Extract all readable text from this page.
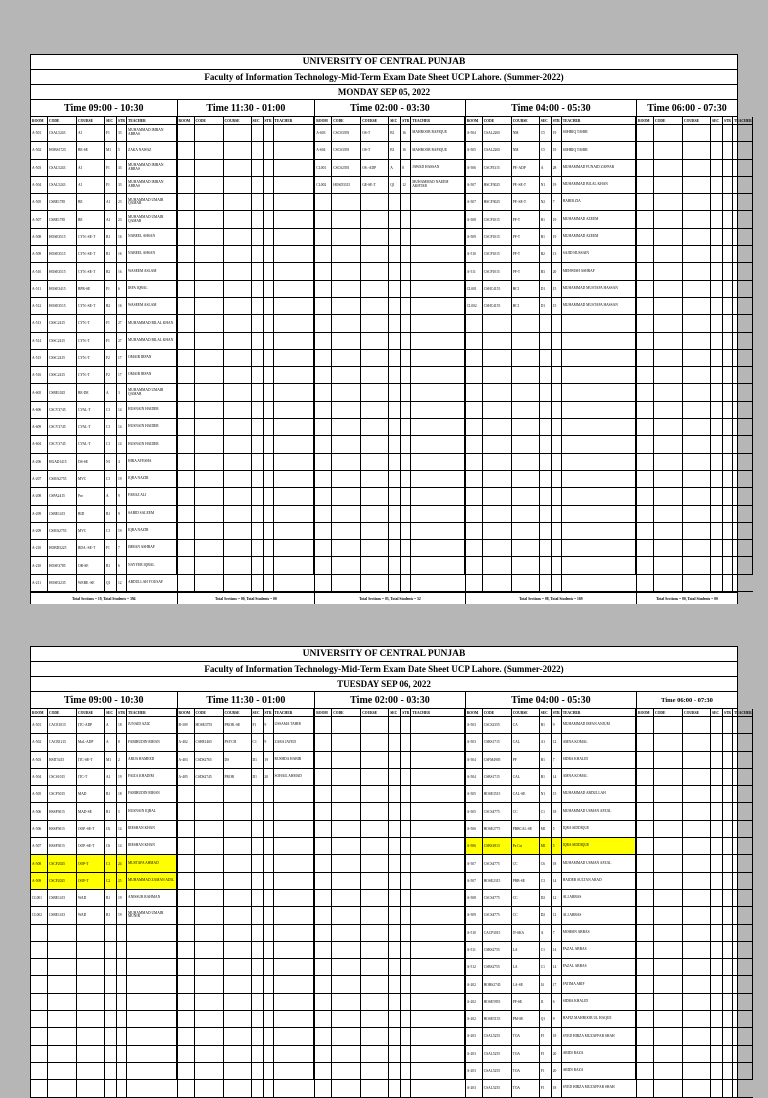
UNIVERSITY OF CENTRAL PUNJAB
Faculty of Information Technology-Mid-Term Exam Date Sheet UCP Lahore. (Summer-2022)
MONDAY SEP 05, 2022
Time 09:00 - 10:30
ROOM	CODE	COURSE	SEC	STR TEACHER
A-501	CSAL5243	AI	F1	33
MUHAMMAD IMRAN ABBAS
A-502	HOBS1725	BE-SE	M1	5	ZAKA NAWAZ
A-503	CSAL5243	AI	F1	33
MUHAMMAD IMRAN ABBAS
A-504	CSAL5243	AI	F1	33
MUHAMMAD IMRAN ABBAS
A-505	CSBE1785	BE	A1	23
MUHAMMAD UMAIR QAMAR
A-507	CSBE1785	BE	A1	23
MUHAMMAD UMAIR QAMAR
A-508	HOSE3515	CYN.-SE-T	B1	16	NABEEL AHSAN
A-509	HOSE3515	CYN.-SE-T	B1	16	NABEEL AHSAN
A-510	HOSE3515	CYN.-SE-T	B2	16	WASEEM ASLAM
A-511	HOSE3415	BPR-SE	F1	6	IRFA IQBAL
A-512	HOSE3515	CYN.-SE-T	B2	16	WASEEM ASLAM
A-513	CSSC2415	CYN.-T	F1	27	MUHAMMAD BILAL KHAN
A-514	CSSC2415	CYN.-T	F1	27	MUHAMMAD BILAL KHAN
A-515	CSSC2415	CYN.-T	F2	17	OMAIR IRFAN
A-516	CSSC2415	CYN.-T	F2	17	OMAIR IRFAN
A-605	CSBE1025	BE-DE	A	3
MUHAMMAD UMAIR QAMAR
A-606	CSCV3745	CVAL-T	C1	14	HUSNAIN HAIDER
A-609	CSCV3745	CVAL-T	C1	14	HUSNAIN HAIDER
A-604	CSCV3745	CVAL-T	C1	14	HUSNAIN HAIDER
A-206	HGAD1415	DS-SE	N1	4	HIRA AYESHA
A-207	CSMA2755	MVC	C1	19	IQRA NAZIR
A-208	CSPA2415	Pro	A	9	FARAZ ALI
A-209	CSBE1415	BID	B1	9	SABID SALEEM
A-209	CSMA2755	MVC	C1	19	IQRA NAZIR
A-210	HOBD3225	BDA.-SE-T	F1	7	IMRAN ASHRAF
A-210	HOSE3785	OR-SE	B1	6	NAYYER IQBAL
A-211	HOSE3235	WEBE.-SE	Q1	12	ABDULLAH YOUSAF
Total Sections = 19, Total Students = 394
Time 11:30 - 01:00
ROOM	CODE	COURSE	SEC	STR TEACHER
Total Sections = 00, Total Students = 00
Time 02:00 - 03:30
ROOM	CODE	COURSE	SEC	STR TEACHER
A-603	CSCS3393	OS-T	B1	16	MAHBOOB RAFIQUE
A-604	CSCS3393	OS-T	B1	16	MAHBOOB RAFIQUE
CL001	CSCS2393	OS.-ADP	A	8	JAWAD HASSAN
CL002	HOSD3315	GE-SE-T	Q1	12
MUHAMMAD NAEEM AKHTAR
Total Sections = 03, Total Students = 52
Time 04:00 - 05:30
ROOM	CODE	COURSE	SEC	STR TEACHER
A-504	CSAL2265	NM	C5	19	SOHRIQ TAHIR
A-505	CSAL2265	NM	C5	19	SOHRIQ TAHIR
A-506	CSCP3315	PF.-ADP	A	28	MUHAMMAD FUNAID ZAFFAR
A-507	HSCF3025	PF.-SE-T	N1	19	MUHAMMAD BILAL KHAN
A-507	HSCF3025	PF.-SE-T	N2	7	HABIB ZIA
A-508	CSCP1015	PF-T	B1	19	MUHAMMAD AZEEM
A-509	CSCP1015	PF-T	B1	19	MUHAMMAD AZEEM
A-510	CSCP1015	PF-T	B2	13	SAJID HUSSAIN
A-511	CSCP1015	PF-T	B3	20	MEHWISH ASHRAF
CL001	CSHC4155	HCI	D1	15	MUHAMMAD MUSTAFA HASSAN
CL002	CSHC4155	HCI	D1	15	MUHAMMAD MUSTAFA HASSAN
Total Sections = 08, Total Students = 169
Time 06:00 - 07:30
ROOM	CODE	COURSE	SEC	STR TEACHER
Total Sections = 00, Total Students = 00
UNIVERSITY OF CENTRAL PUNJAB
Faculty of Information Technology-Mid-Term Exam Date Sheet UCP Lahore. (Summer-2022)
TUESDAY SEP 06, 2022
Time 09:00 - 10:30
ROOM	CODE	COURSE	SEC	STR TEACHER
A-501	CACE1015	ITC-ADP	A	18	JUNAID AZIZ
A-502	CACB1215	MaL-ADP	A	8	FABIHUDIN RIHAN
A-503	HSIT5415	ITC-SE-T	M1	2	ARIJA HAMEED
A-504	CSCS1015	ITC-T	A1	19	FAIZA KHADIM
A-505	CSCF5015	MAD	B1	18	FABIHUDIN RIHAN
A-506	HSSF5015	MAD-SE	R1	5	HUSNAIN IQBAL
A-506	HSSF5015	OOP.-SE-T	C6	14	IRESHAN KHAN
A-507	HSSF5015	OOP.-SE-T	C6	14	IRESHAN KHAN
A-508	CSCF2025	OOP-T	C1	24	MUSTAFA AHMAD
A-509	CSCF2025	OOP-T	C2	25	MUHAMMAD ZAMAN ADIL
CL001	CSBE1415	WAD	B1	19	ANISSUR RAHMAN
CL002	CSBE1415	WAD	B1	19
MUHAMMAD UMAIR MUNIR
Time 11:30 - 01:00
ROOM	CODE	COURSE	SEC	STR TEACHER
B-309	HOSE3755	PROB.-SE	F1	9	USSAMA TAHIR
A-402	CSHE1465	PSYCH	C1	9	ZARA JAVED
A-403	CSDS2765	DS	D1	19	RUSHDA HABIB
A-405	CSDS2745	PROB	D1	20	SOHAIL AHMAD
Time 02:00 - 03:30
ROOM	CODE	COURSE	SEC	STR TEACHER
Time 04:00 - 05:30
ROOM	CODE	COURSE	SEC	STR TEACHER
A-503	CSCS2355	CA	B1	9	MUHAMMAD IRFAN ANJUM
A-503	CSBS1715	CAL	A1	12	AMNA KOMAL
A-504	CSFM4905	PF	B1	7	SIDRA KHALID
A-504	CSBS1715	CAL	B1	14	AMNA KOMAL
A-505	HOSE3515	CAL-SE	N1	15	MUHAMMAD ABDULLAH
A-505	CSCS4775	CC	C1	18	MUHAMMAD USMAN AFZAL
A-506	HOSE2775	PRBCAL-SE	M1	5	IQRA SIDDIQUE
A-506	CSBS1813	Pa Cst	M1	5	IQRA SIDDIQUE
A-507	CSCS4775	CC	C6	18	MUHAMMAD USMAN AFZAL
A-507	HOSE2315	PRB-SE	C3	14	HAIDER SULTAN ABAD
A-508	CSCS4775	CC	D2	12	ALI ABBAS
A-509	CSCS4775	CC	D2	12	ALI ABBAS
A-510	CACP3015	IT-SKA	A	7	MOHSIN ABBAS
A-511	CSBS2755	LA	C1	14	FAZAL ABBAS
A-512	CSBS2755	LA	C1	14	FAZAL ABBAS
A-202	HOBS2745	LA-SE	I4	17	FATIMA ARIF
A-202	HOSE5955	PF-SE	I1	6	SIDRA KHALID
A-202	HOSE5155	PM-SE	Q1	9	HAFIZ MAHBOOB UL HAQUE
A-203	CSAL5255	TOA	F1	18	SYED HIRZA MUZAFFAR SHAH
A-203	CSAL5255	TOA	F1	20	ABIDI RAZA
A-203	CSAL5255	TOA	F1	20	ABIDI RAZA
A-203	CSAL5255	TOA	F1	18	SYED HIRZA MUZAFFAR SHAH
Time 06:00 - 07:30
ROOM	CODE	COURSE	SEC	STR TEACHER
